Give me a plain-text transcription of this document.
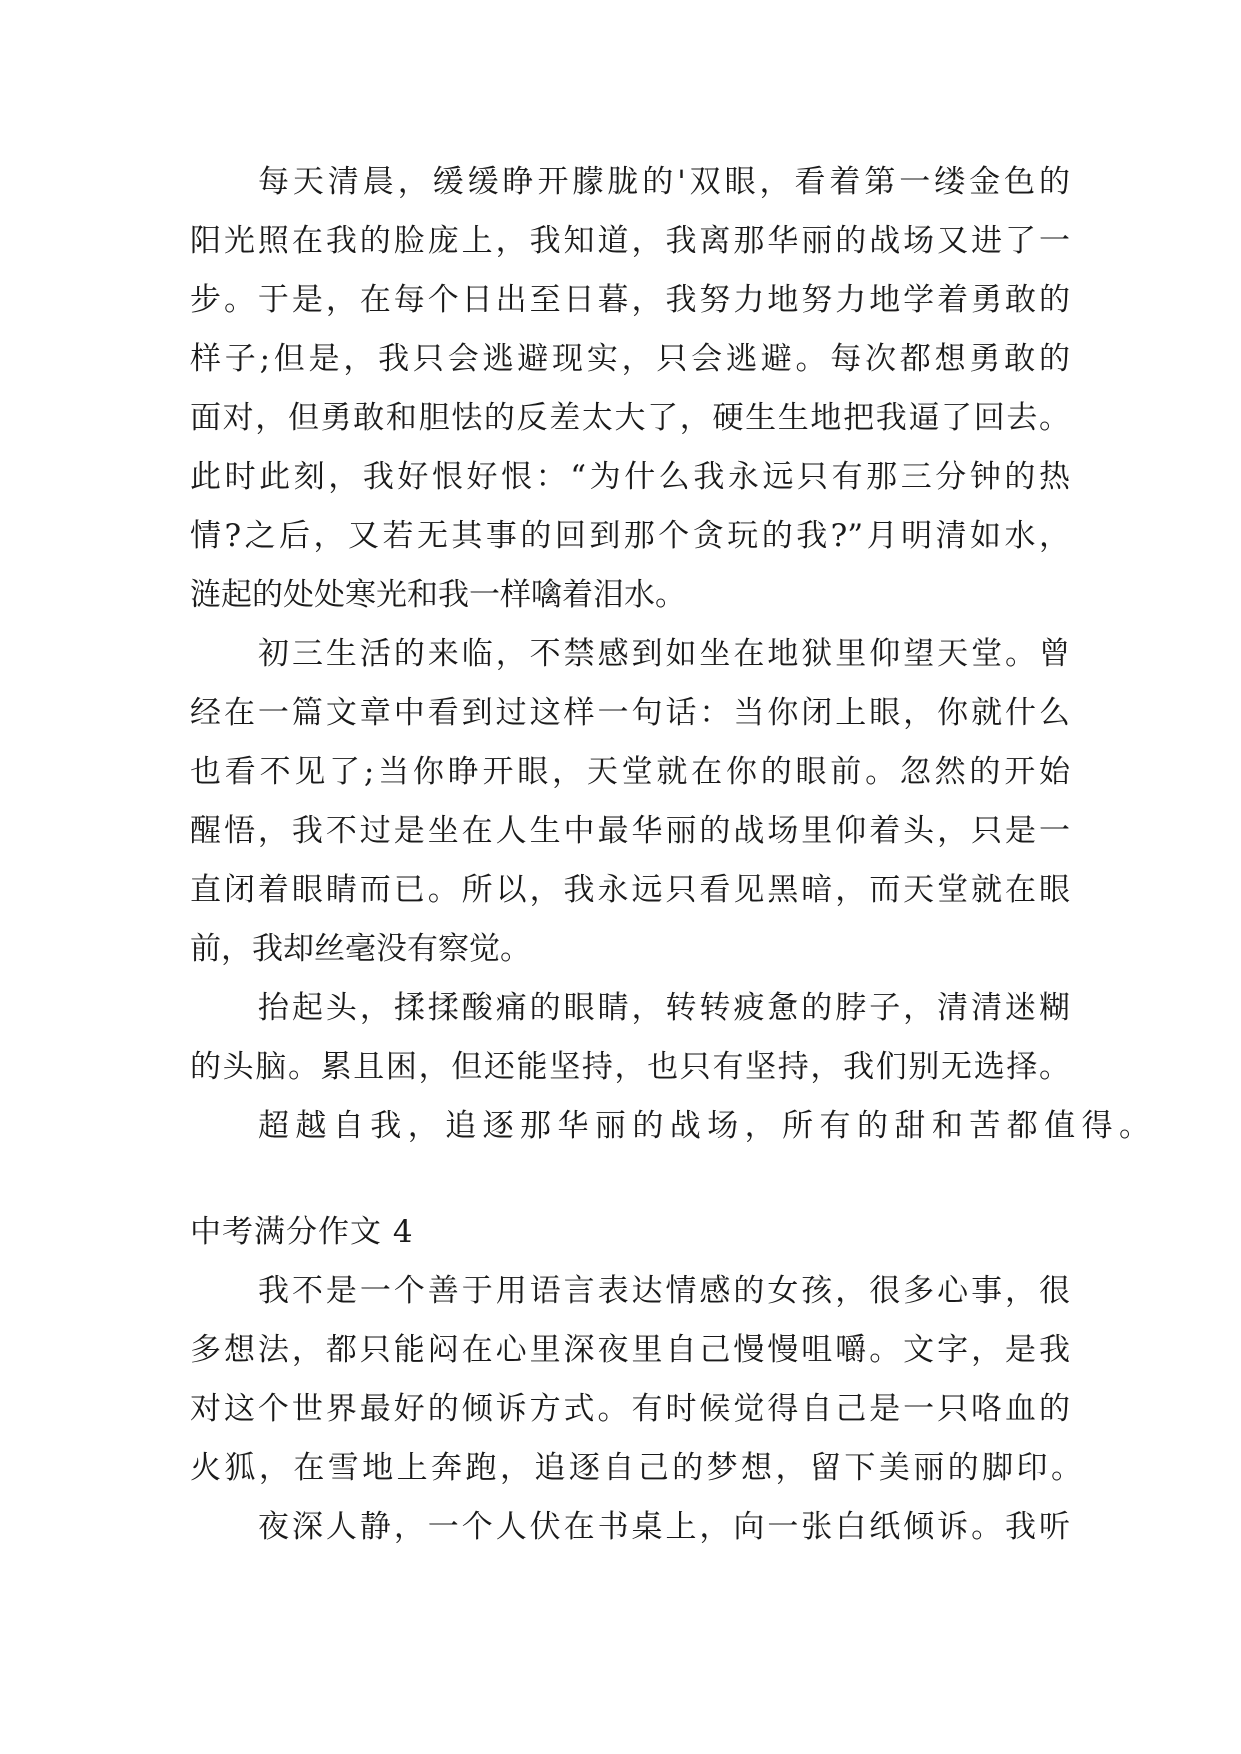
每天清晨，缓缓睁开朦胧的'双眼，看着第一缕金色的
阳光照在我的脸庞上，我知道，我离那华丽的战场又进了一
步。于是，在每个日出至日暮，我努力地努力地学着勇敢的
样子;但是，我只会逃避现实，只会逃避。每次都想勇敢的
面对，但勇敢和胆怯的反差太大了，硬生生地把我逼了回去。
此时此刻，我好恨好恨：“为什么我永远只有那三分钟的热
情?之后，又若无其事的回到那个贪玩的我?”月明清如水，
涟起的处处寒光和我一样噙着泪水。
初三生活的来临，不禁感到如坐在地狱里仰望天堂。曾
经在一篇文章中看到过这样一句话：当你闭上眼，你就什么
也看不见了;当你睁开眼，天堂就在你的眼前。忽然的开始
醒悟，我不过是坐在人生中最华丽的战场里仰着头，只是一
直闭着眼睛而已。所以，我永远只看见黑暗，而天堂就在眼
前，我却丝毫没有察觉。
抬起头，揉揉酸痛的眼睛，转转疲惫的脖子，清清迷糊
的头脑。累且困，但还能坚持，也只有坚持，我们别无选择。
超越自我，追逐那华丽的战场，所有的甜和苦都值得。
中考满分作文 4
我不是一个善于用语言表达情感的女孩，很多心事，很
多想法，都只能闷在心里深夜里自己慢慢咀嚼。文字，是我
对这个世界最好的倾诉方式。有时候觉得自己是一只咯血的
火狐，在雪地上奔跑，追逐自己的梦想，留下美丽的脚印。
夜深人静，一个人伏在书桌上，向一张白纸倾诉。我听
